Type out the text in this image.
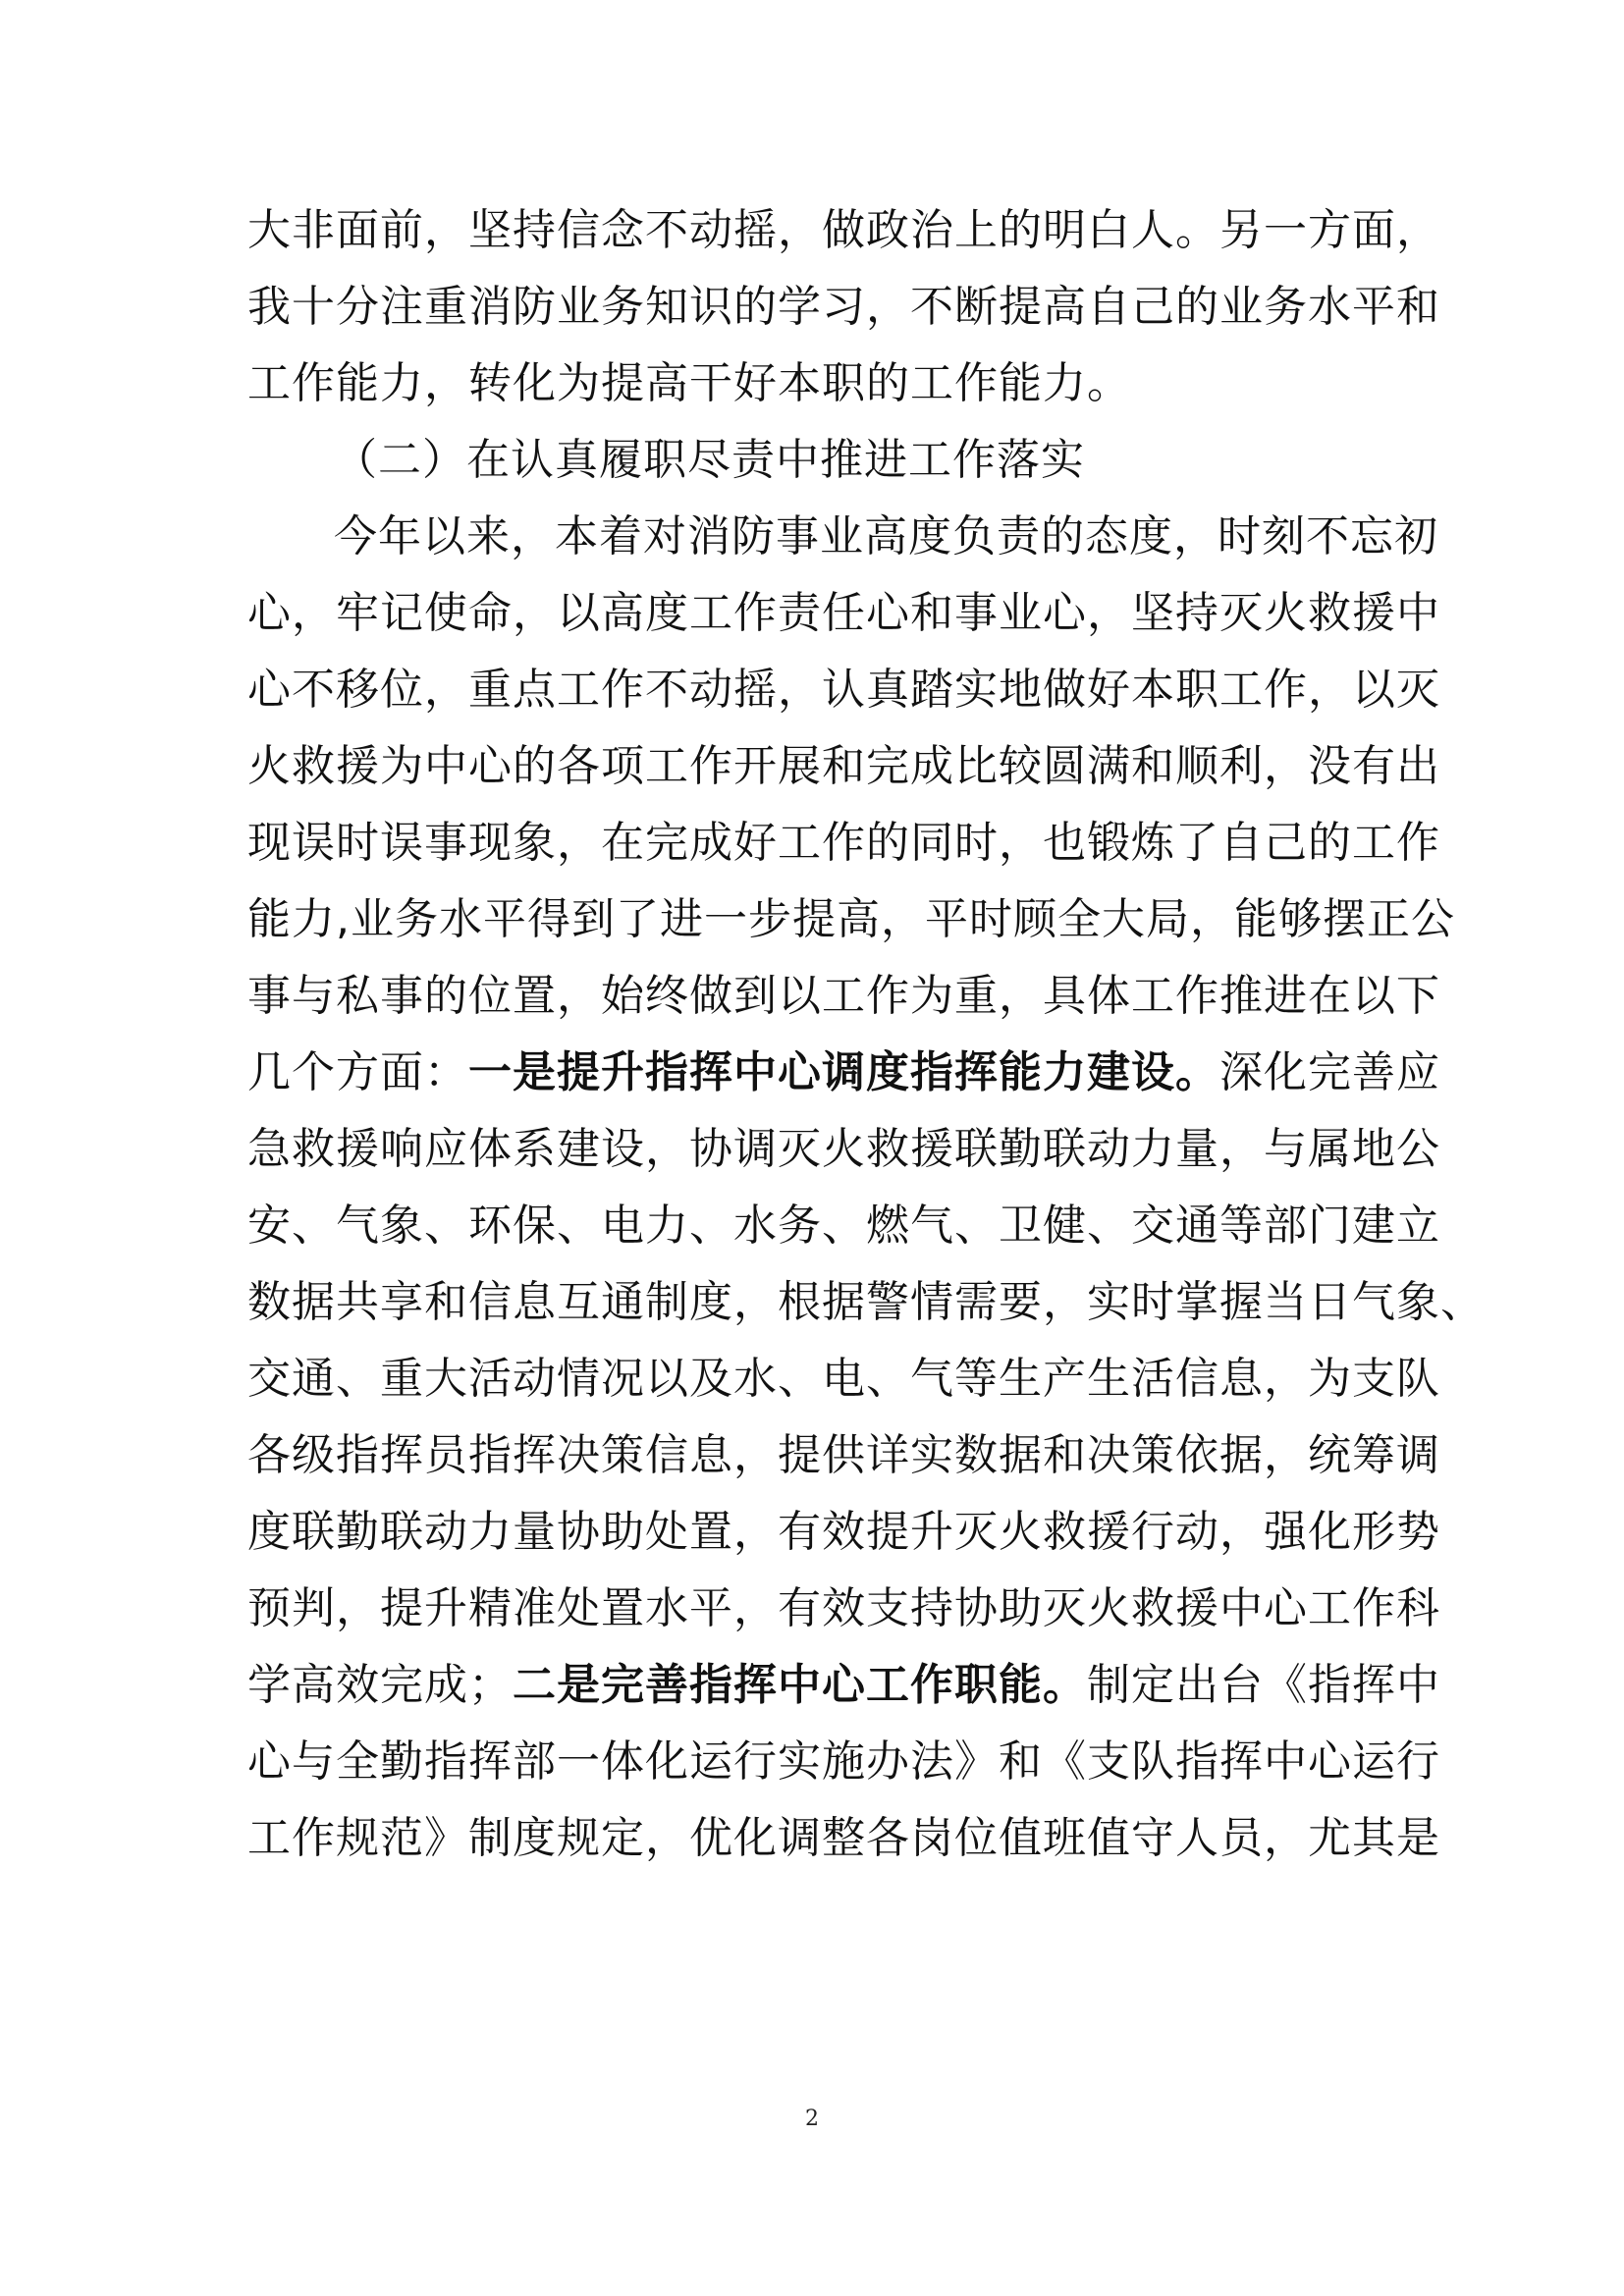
大非面前，坚持信念不动摇，做政治上的明白人。另一方面，
我十分注重消防业务知识的学习，不断提高自己的业务水平和
工作能力，转化为提高干好本职的工作能力。
（二）在认真履职尽责中推进工作落实
今年以来，本着对消防事业高度负责的态度，时刻不忘初
心，牢记使命，以高度工作责任心和事业心，坚持灭火救援中
心不移位，重点工作不动摇，认真踏实地做好本职工作，以灭
火救援为中心的各项工作开展和完成比较圆满和顺利，没有出
现误时误事现象，在完成好工作的同时，也锻炼了自己的工作
能力,业务水平得到了进一步提高，平时顾全大局，能够摆正公
事与私事的位置，始终做到以工作为重，具体工作推进在以下
几个方面：一是提升指挥中心调度指挥能力建设。深化完善应
急救援响应体系建设，协调灭火救援联勤联动力量，与属地公
安、气象、环保、电力、水务、燃气、卫健、交通等部门建立
数据共享和信息互通制度，根据警情需要，实时掌握当日气象、
交通、重大活动情况以及水、电、气等生产生活信息，为支队
各级指挥员指挥决策信息，提供详实数据和决策依据，统筹调
度联勤联动力量协助处置，有效提升灭火救援行动，强化形势
预判，提升精准处置水平，有效支持协助灭火救援中心工作科
学高效完成；二是完善指挥中心工作职能。制定出台《指挥中
心与全勤指挥部一体化运行实施办法》和《支队指挥中心运行
工作规范》制度规定，优化调整各岗位值班值守人员，尤其是
2
